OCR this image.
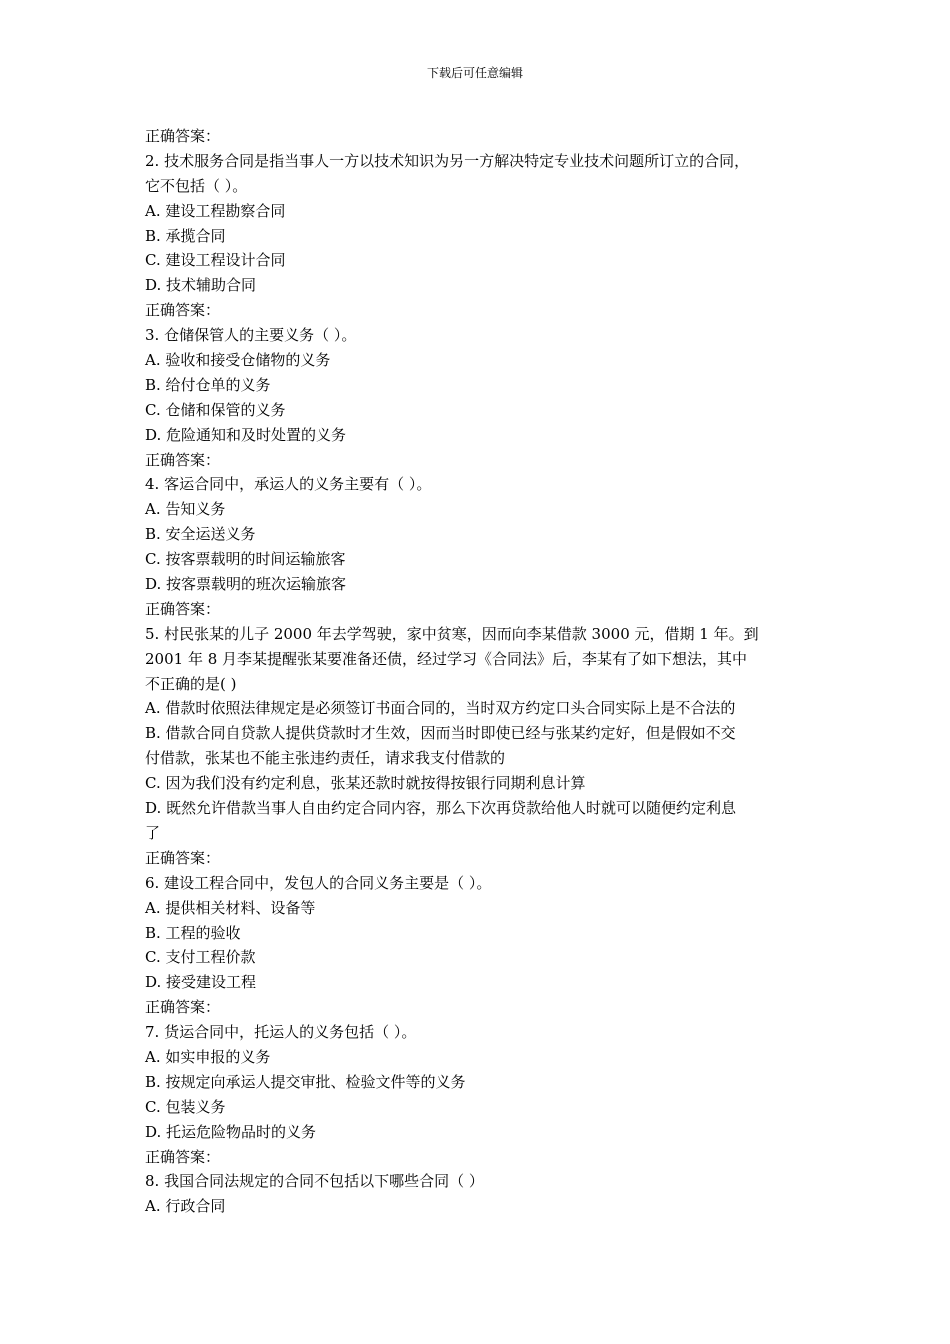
下载后可任意编辑
正确答案：
2. 技术服务合同是指当事人一方以技术知识为另一方解决特定专业技术问题所订立的合同，
它不包括（ ）。
A. 建设工程勘察合同
B. 承揽合同
C. 建设工程设计合同
D. 技术辅助合同
正确答案：
3. 仓储保管人的主要义务（ ）。
A. 验收和接受仓储物的义务
B. 给付仓单的义务
C. 仓储和保管的义务
D. 危险通知和及时处置的义务
正确答案：
4. 客运合同中，承运人的义务主要有（ ）。
A. 告知义务
B. 安全运送义务
C. 按客票载明的时间运输旅客
D. 按客票载明的班次运输旅客
正确答案：
5. 村民张某的儿子 2000 年去学驾驶，家中贫寒，因而向李某借款 3000 元，借期 1 年。到
2001 年 8 月李某提醒张某要准备还债，经过学习《合同法》后，李某有了如下想法，其中
不正确的是( )
A. 借款时依照法律规定是必须签订书面合同的，当时双方约定口头合同实际上是不合法的
B. 借款合同自贷款人提供贷款时才生效，因而当时即使已经与张某约定好，但是假如不交
付借款，张某也不能主张违约责任，请求我支付借款的
C. 因为我们没有约定利息，张某还款时就按得按银行同期利息计算
D. 既然允许借款当事人自由约定合同内容，那么下次再贷款给他人时就可以随便约定利息
了
正确答案：
6. 建设工程合同中，发包人的合同义务主要是（ ）。
A. 提供相关材料、设备等
B. 工程的验收
C. 支付工程价款
D. 接受建设工程
正确答案：
7. 货运合同中，托运人的义务包括（ ）。
A. 如实申报的义务
B. 按规定向承运人提交审批、检验文件等的义务
C. 包装义务
D. 托运危险物品时的义务
正确答案：
8. 我国合同法规定的合同不包括以下哪些合同（ ）
A. 行政合同
